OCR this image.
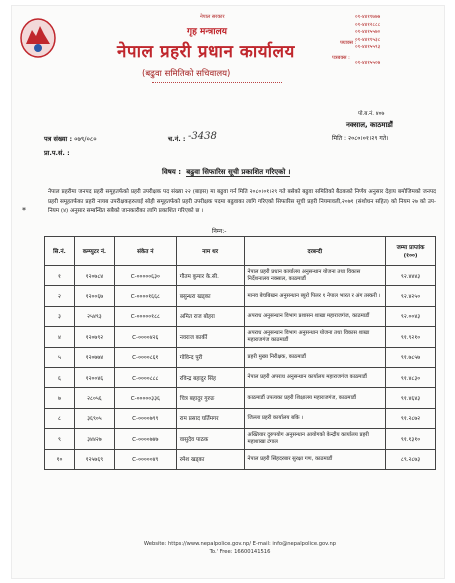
नेपाल सरकार
गृह मन्त्रालय
नेपाल प्रहरी प्रधान कार्यालय
(बढुवा समितिको सचिवालय)
०१-४४११७७७
०१-४४१२८८८
०१-४४१५५७०
०१-४४११५३८
०१-४४१५५९३
०१-४४१५५०७
फ्याक्स :
पत्रबक्स :
पो.ब.नं. ४०७
नक्साल, काठमाडौं
मिति : २०८०।०१।२९ गते।
पत्र संख्या : ०७९/०८०	च.नं. : -3438
प्रा.प.सं. :
विषय : बढुवा सिफारिस सूची प्रकाशित गरिएको ।
*
नेपाल प्रहरीमा जनपद प्रहरी समूहतर्फको प्रहरी उपरीक्षक पद संख्या २२ (बाइस) मा बढुवा गर्न मिति २०८०।०१।२९ गते बसेको बढुवा समितिको बैठकको निर्णय अनुसार देहाय बमोजिमको जनपद प्रहरी समूहतर्फका प्रहरी नायब उपरीक्षकहरुलाई सोही समूहतर्फको प्रहरी उपरीक्षक पदमा बढुवाका लागि गरिएको सिफारिस सूची प्रहरी नियमावली,२०७१ (संशोधन सहित) को नियम २७ को उप-नियम (४) अनुसार सम्बन्धित सबैको जानकारीका लागि प्रकाशित गरिएको छ ।
निम्न:-
सि.नं.	कम्प्युटर नं.	संकेत नं	नाम थर	दरबन्दी	जम्मा प्राप्तांक (१००)
१	१२०७८४	C-०००००६३०	गौतम कुमार के.सी.	नेपाल प्रहरी प्रधान कार्यालय अनुसन्धान योजना तथा विकास निर्देशनालय नक्साल, काठमाडौं	९२.४४४३
२	१२००६७	C-००००१६६८	बसुन्धरा खड्का	मानव बेचबिखन अनुसन्धान ब्युरो पिलर १ नेपाल भारत र अंग तस्करी ।	९२.४२५०
३	२५४९३	C-०००००१८८	अमित राज बोहरा	अपराध अनुसन्धान विभाग प्रशासन शाखा महाराजगंज, काठमाडौं	९२.००४३
४	१२०७९२	C-००००४२६	नवराज कार्की	अपराध अनुसन्धान विभाग अनुसन्धान योजना तथा विकास शाखा महाराजगंज काठमाडौं	९१.९२१०
५	१२०७७४	C-००००८६१	गोविन्द पुरी	प्रहरी मुख्य निरीक्षक, काठमाडौं	९१.७८५७
६	१२००४६	C-००००८८८	रविन्द्र बहादुर सिंह	नेपाल प्रहरी अपराध अनुसन्धान कार्यालय महाराजगंज काठमाडौं	९१.४८३०
७	२८०५६	C-०००००३३६	चित्र बहादुर गुरुङ	काठमाडौं उपत्यका प्रहरी शिक्षालय महाराजगंज, काठमाडौं	९१.४६४३
८	३६९०५	C-००००७९९	राम प्रसाद घर्तिमगर	जिल्ला प्रहरी कार्यालय बकि ।	९१.२८७२
९	३४४२७	C-००००७४७	वासुदेव पाठक	अख्तियार दुरुपयोग अनुसन्धान आयोगको केन्द्रीय कार्यालय प्रहरी महाशाखा टंगाल	९१.१३१०
१०	१२५७६९	C-०००००४९	रमेश खड्का	नेपाल प्रहरी सिंहदरबार सुरक्षा गण, काठमाडौं	८९.२८७३
Website: https://www.nepalpolice.gov.np/ E-mail: info@nepalpolice.gov.np
To.' Free: 16600141516
